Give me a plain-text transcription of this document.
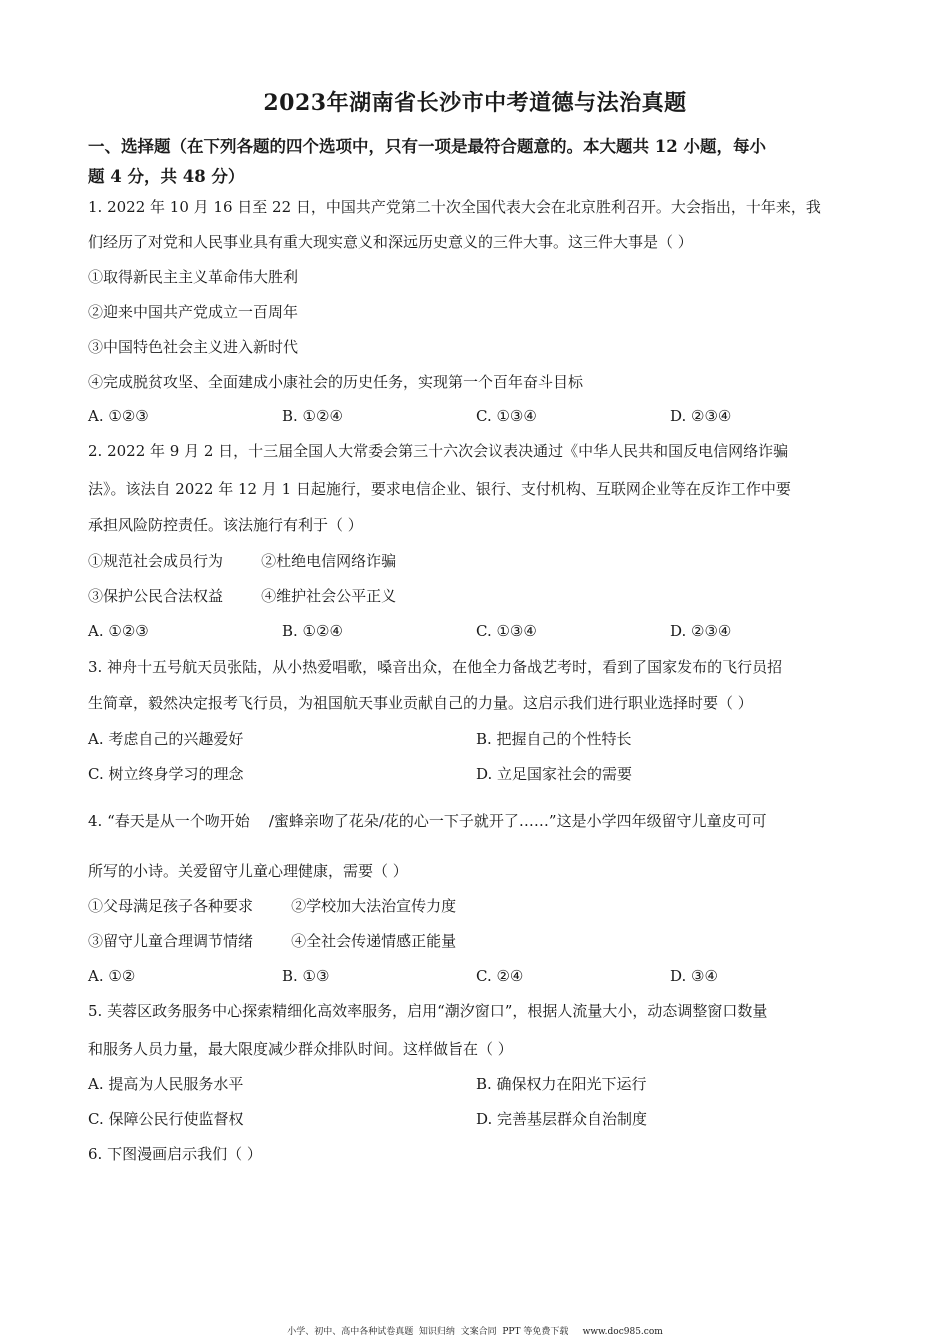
2023年湖南省长沙市中考道德与法治真题
一、选择题（在下列各题的四个选项中，只有一项是最符合题意的。本大题共 12 小题，每小
题 4 分，共 48 分）
1. 2022 年 10 月 16 日至 22 日，中国共产党第二十次全国代表大会在北京胜利召开。大会指出，十年来，我
们经历了对党和人民事业具有重大现实意义和深远历史意义的三件大事。这三件大事是（ ）
①取得新民主主义革命伟大胜利
②迎来中国共产党成立一百周年
③中国特色社会主义进入新时代
④完成脱贫攻坚、全面建成小康社会的历史任务，实现第一个百年奋斗目标
A. ①②③	B. ①②④	C. ①③④	D. ②③④
2. 2022 年 9 月 2 日，十三届全国人大常委会第三十六次会议表决通过《中华人民共和国反电信网络诈骗
法》。该法自 2022 年 12 月 1 日起施行，要求电信企业、银行、支付机构、互联网企业等在反诈工作中要
承担风险防控责任。该法施行有利于（ ）
①规范社会成员行为        ②杜绝电信网络诈骗
③保护公民合法权益        ④维护社会公平正义
A. ①②③	B. ①②④	C. ①③④	D. ②③④
3. 神舟十五号航天员张陆，从小热爱唱歌，嗓音出众，在他全力备战艺考时，看到了国家发布的飞行员招
生简章，毅然决定报考飞行员，为祖国航天事业贡献自己的力量。这启示我们进行职业选择时要（ ）
A. 考虑自己的兴趣爱好	B. 把握自己的个性特长
C. 树立终身学习的理念	D. 立足国家社会的需要
4. “春天是从一个吻开始    /蜜蜂亲吻了花朵/花的心一下子就开了……”这是小学四年级留守儿童皮可可
所写的小诗。关爱留守儿童心理健康，需要（ ）
①父母满足孩子各种要求        ②学校加大法治宣传力度
③留守儿童合理调节情绪        ④全社会传递情感正能量
A. ①②	B. ①③	C. ②④	D. ③④
5. 芙蓉区政务服务中心探索精细化高效率服务，启用“潮汐窗口”，根据人流量大小，动态调整窗口数量
和服务人员力量，最大限度减少群众排队时间。这样做旨在（ ）
A. 提高为人民服务水平	B. 确保权力在阳光下运行
C. 保障公民行使监督权	D. 完善基层群众自治制度
6. 下图漫画启示我们（ ）
小学、初中、高中各种试卷真题  知识归纳  文案合同  PPT 等免费下载     www.doc985.com
